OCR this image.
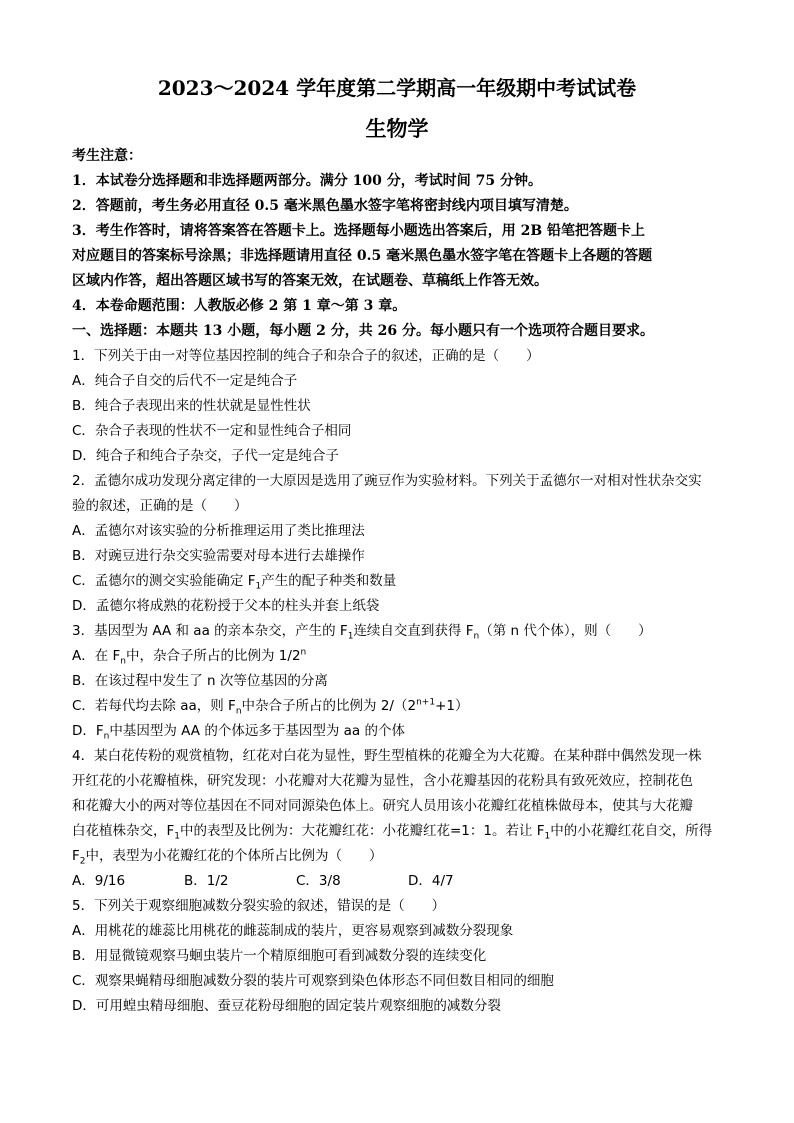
2023～2024 学年度第二学期高一年级期中考试试卷
生物学
考生注意：
1．本试卷分选择题和非选择题两部分。满分 100 分，考试时间 75 分钟。
2．答题前，考生务必用直径 0.5 毫米黑色墨水签字笔将密封线内项目填写清楚。
3．考生作答时，请将答案答在答题卡上。选择题每小题选出答案后，用 2B 铅笔把答题卡上
对应题目的答案标号涂黑；非选择题请用直径 0.5 毫米黑色墨水签字笔在答题卡上各题的答题
区域内作答，超出答题区域书写的答案无效，在试题卷、草稿纸上作答无效。
4．本卷命题范围：人教版必修 2 第 1 章～第 3 章。
一、选择题：本题共 13 小题，每小题 2 分，共 26 分。每小题只有一个选项符合题目要求。
1．下列关于由一对等位基因控制的纯合子和杂合子的叙述，正确的是（　　）
A．纯合子自交的后代不一定是纯合子
B．纯合子表现出来的性状就是显性性状
C．杂合子表现的性状不一定和显性纯合子相同
D．纯合子和纯合子杂交，子代一定是纯合子
2．孟德尔成功发现分离定律的一大原因是选用了豌豆作为实验材料。下列关于孟德尔一对相对性状杂交实
验的叙述，正确的是（　　）
A．孟德尔对该实验的分析推理运用了类比推理法
B．对豌豆进行杂交实验需要对母本进行去雄操作
C．孟德尔的测交实验能确定 $F_1$产生的配子种类和数量
D．孟德尔将成熟的花粉授于父本的柱头并套上纸袋
3．基因型为 AA 和 aa 的亲本杂交，产生的 $F_1$连续自交直到获得 $F_n$（第 n 代个体），则（　　）
A．在 $F_n$中，杂合子所占的比例为 1/2$^n$
B．在该过程中发生了 n 次等位基因的分离
C．若每代均去除 aa，则 $F_n$中杂合子所占的比例为 $2/(2^{n+1}+1)$
D．$F_n$中基因型为 AA 的个体远多于基因型为 aa 的个体
4．某白花传粉的观赏植物，红花对白花为显性，野生型植株的花瓣全为大花瓣。在某种群中偶然发现一株
开红花的小花瓣植株，研究发现：小花瓣对大花瓣为显性，含小花瓣基因的花粉具有致死效应，控制花色
和花瓣大小的两对等位基因在不同对同源染色体上。研究人员用该小花瓣红花植株做母本，使其与大花瓣
白花植株杂交，$F_1$中的表型及比例为：大花瓣红花：小花瓣红花=1：1。若让 $F_1$中的小花瓣红花自交，所得
$F_2$中，表型为小花瓣红花的个体所占比例为（　　）
A．9/16	B．1/2	C．3/8	D．4/7
5．下列关于观察细胞减数分裂实验的叙述，错误的是（　　）
A．用桃花的雄蕊比用桃花的雌蕊制成的装片，更容易观察到减数分裂现象
B．用显微镜观察马蛔虫装片一个精原细胞可看到减数分裂的连续变化
C．观察果蝇精母细胞减数分裂的装片可观察到染色体形态不同但数目相同的细胞
D．可用蝗虫精母细胞、蚕豆花粉母细胞的固定装片观察细胞的减数分裂
